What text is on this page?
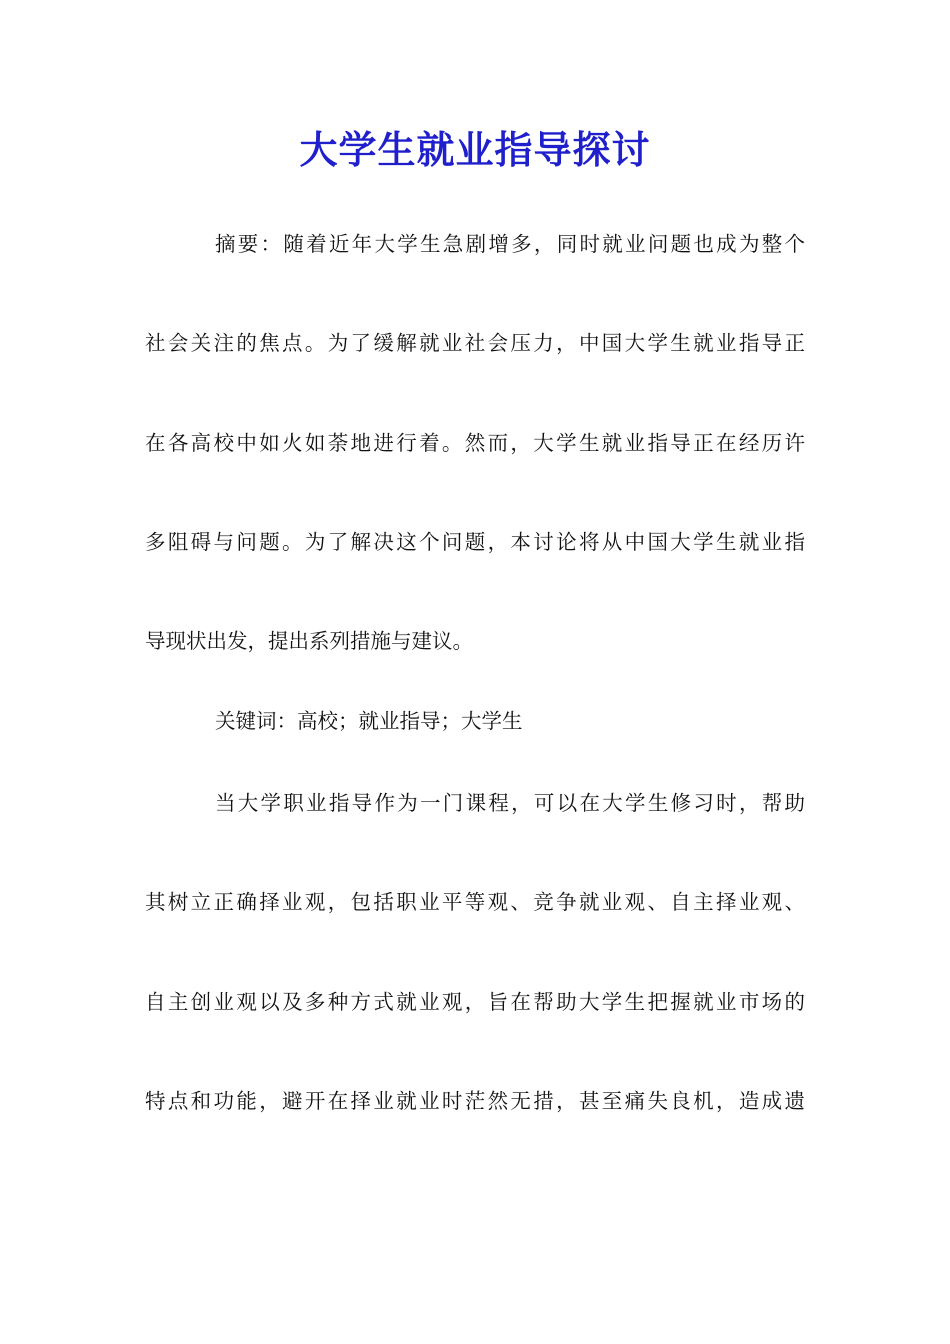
大学生就业指导探讨
摘要：随着近年大学生急剧增多，同时就业问题也成为整个
社会关注的焦点。为了缓解就业社会压力，中国大学生就业指导正
在各高校中如火如荼地进行着。然而，大学生就业指导正在经历许
多阻碍与问题。为了解决这个问题，本讨论将从中国大学生就业指
导现状出发，提出系列措施与建议。
关键词：高校；就业指导；大学生
当大学职业指导作为一门课程，可以在大学生修习时，帮助
其树立正确择业观，包括职业平等观、竞争就业观、自主择业观、
自主创业观以及多种方式就业观，旨在帮助大学生把握就业市场的
特点和功能，避开在择业就业时茫然无措，甚至痛失良机，造成遗
